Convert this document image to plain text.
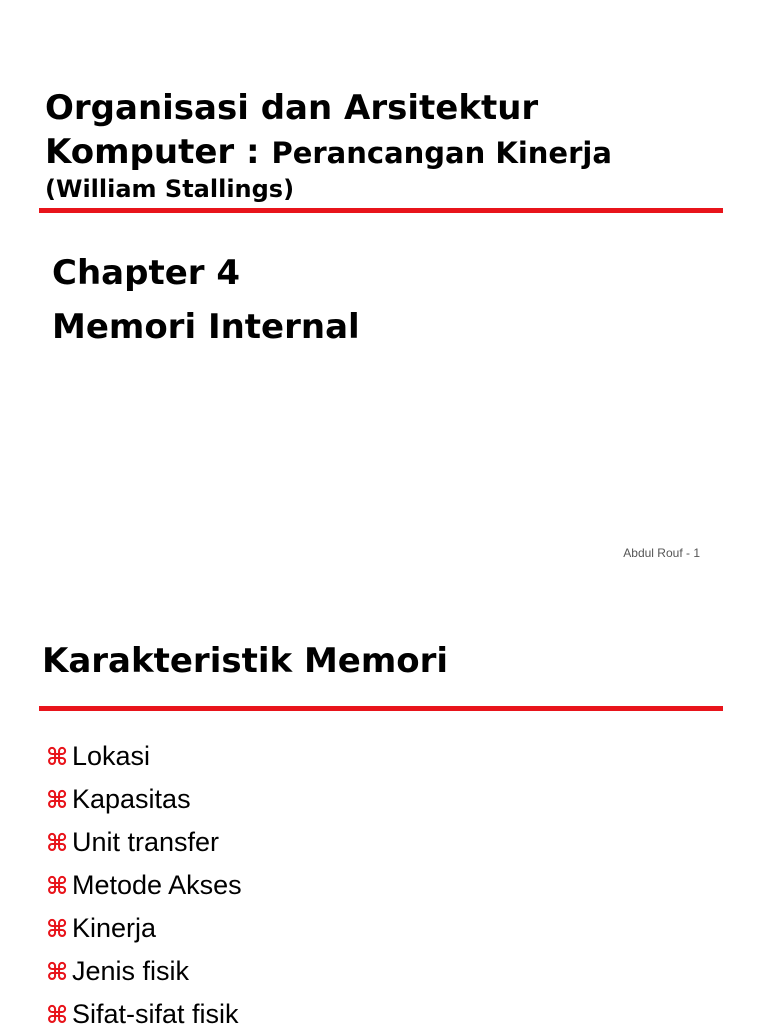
Organisasi dan Arsitektur
Komputer : Perancangan Kinerja
(William Stallings)
Chapter 4
Memori Internal
Abdul Rouf - 1
Karakteristik Memori
⌘ Lokasi
⌘ Kapasitas
⌘ Unit transfer
⌘ Metode Akses
⌘ Kinerja
⌘ Jenis fisik
⌘ Sifat-sifat fisik
